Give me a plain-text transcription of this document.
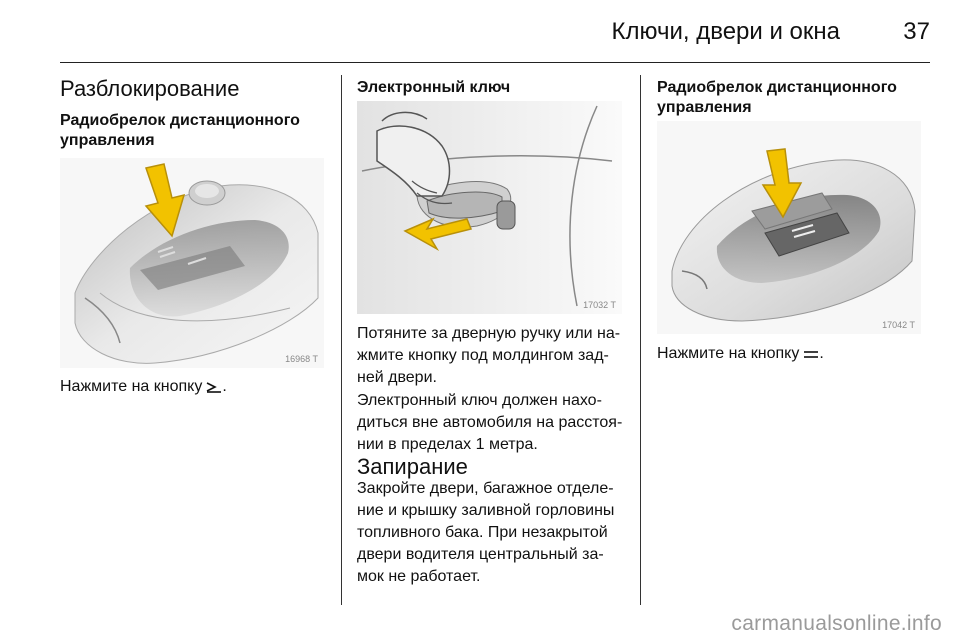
Ключи, двери и окна	37
Разблокирование
Радиобрелок дистанционного управления
16968 T
Нажмите на кнопку .
Электронный ключ
17032 T
Потяните за дверную ручку или на-жмите кнопку под молдингом зад-ней двери.
Электронный ключ должен нахо-диться вне автомобиля на расстоя-нии в пределах 1 метра.
Запирание
Закройте двери, багажное отделе-ние и крышку заливной горловины топливного бака. При незакрытой двери водителя центральный за-мок не работает.
Радиобрелок дистанционного управления
17042 T
Нажмите на кнопку .
carmanualsonline.info
